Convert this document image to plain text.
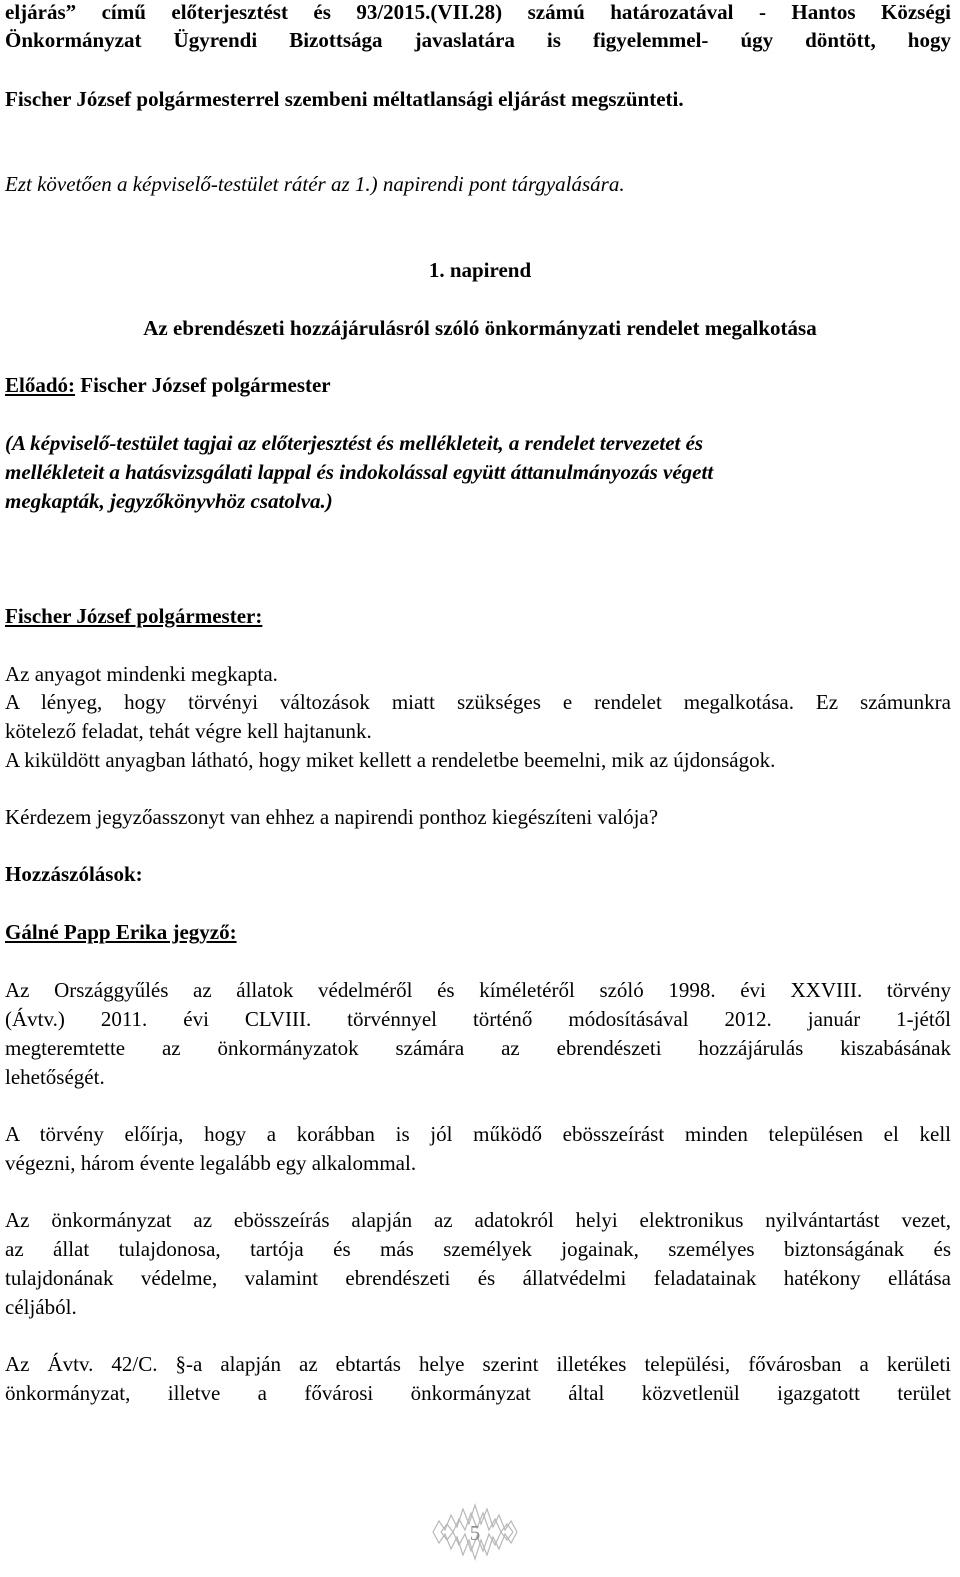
eljárás” című előterjesztést és 93/2015.(VII.28) számú határozatával - Hantos Községi
Önkormányzat Ügyrendi Bizottsága javaslatára is figyelemmel- úgy döntött, hogy
Fischer József polgármesterrel szembeni méltatlansági eljárást megszünteti.
Ezt követően a képviselő-testület rátér az 1.) napirendi pont tárgyalására.
1. napirend
Az ebrendészeti hozzájárulásról szóló önkormányzati rendelet megalkotása
Előadó: Fischer József polgármester
(A képviselő-testület tagjai az előterjesztést és mellékleteit, a rendelet tervezetet és
mellékleteit a hatásvizsgálati lappal és indokolással együtt áttanulmányozás végett
megkapták, jegyzőkönyvhöz csatolva.)
Fischer József polgármester:
Az anyagot mindenki megkapta.
A lényeg, hogy törvényi változások miatt szükséges e rendelet megalkotása. Ez számunkra
kötelező feladat, tehát végre kell hajtanunk.
A kiküldött anyagban látható, hogy miket kellett a rendeletbe beemelni, mik az újdonságok.
Kérdezem jegyzőasszonyt van ehhez a napirendi ponthoz kiegészíteni valója?
Hozzászólások:
Gálné Papp Erika jegyző:
Az Országgyűlés az állatok védelméről és kíméletéről szóló 1998. évi XXVIII. törvény
(Ávtv.) 2011. évi CLVIII. törvénnyel történő módosításával 2012. január 1-jétől
megteremtette az önkormányzatok számára az ebrendészeti hozzájárulás kiszabásának
lehetőségét.
A törvény előírja, hogy a korábban is jól működő ebösszeírást minden településen el kell
végezni, három évente legalább egy alkalommal.
Az önkormányzat az ebösszeírás alapján az adatokról helyi elektronikus nyilvántartást vezet,
az állat tulajdonosa, tartója és más személyek jogainak, személyes biztonságának és
tulajdonának védelme, valamint ebrendészeti és állatvédelmi feladatainak hatékony ellátása
céljából.
Az Ávtv. 42/C. §-a alapján az ebtartás helye szerint illetékes települési, fővárosban a kerületi
önkormányzat, illetve a fővárosi önkormányzat által közvetlenül igazgatott terület
5
